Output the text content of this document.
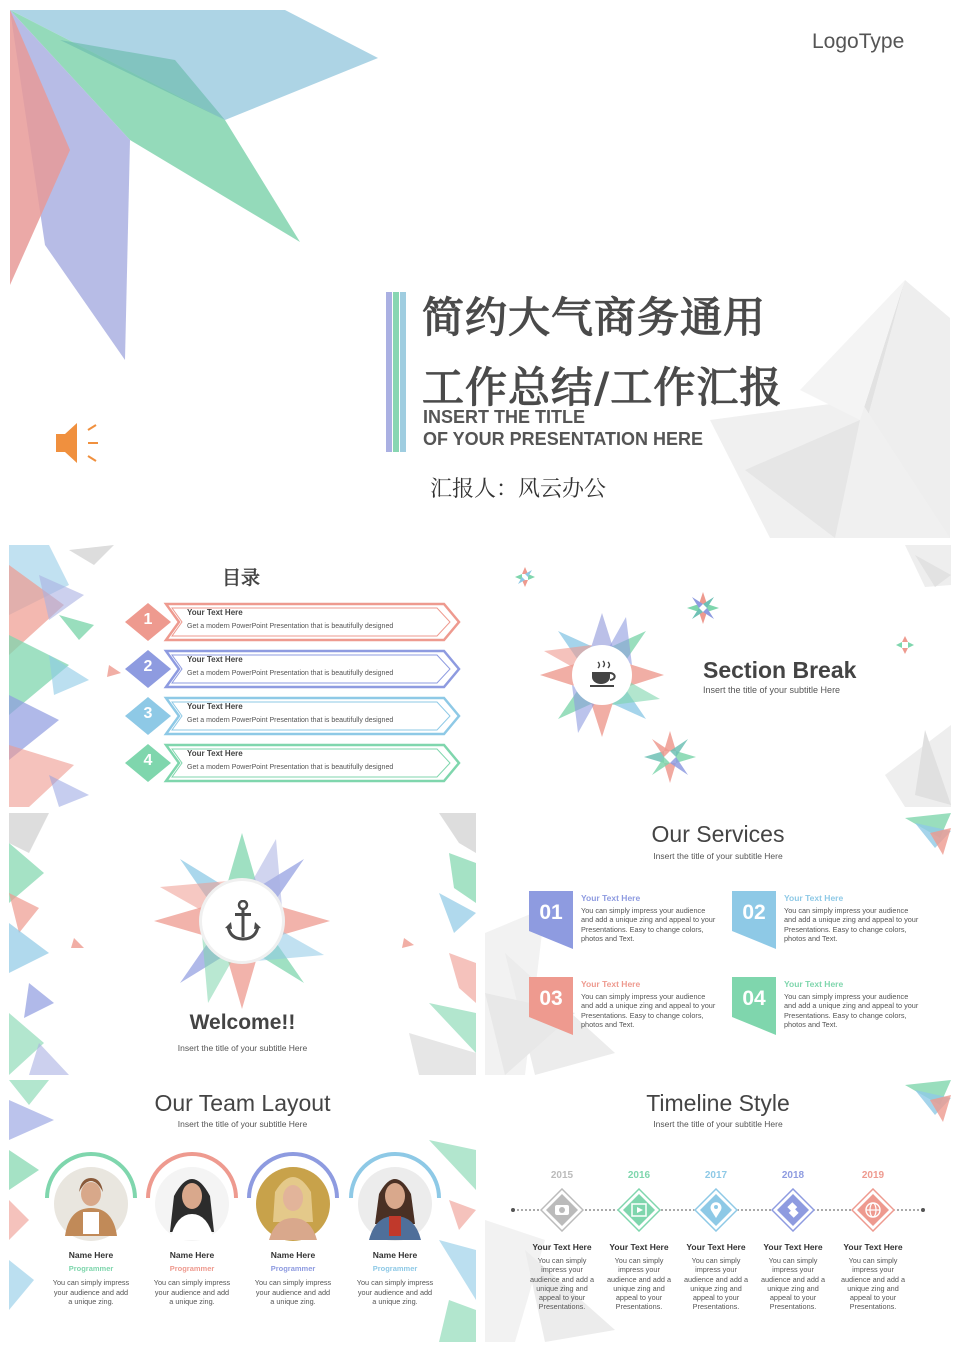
LogoType
简约大气商务通用
工作总结/工作汇报
INSERT THE TITLE
OF YOUR PRESENTATION HERE
汇报人：风云办公
目录
1	Your Text Here
Get a modern PowerPoint Presentation that is beautifully designed
2	Your Text Here
Get a modern PowerPoint Presentation that is beautifully designed
3	Your Text Here
Get a modern PowerPoint Presentation that is beautifully designed
4	Your Text Here
Get a modern PowerPoint Presentation that is beautifully designed
Section Break
Insert the title of your subtitle Here
Welcome!!
Insert the title of your subtitle Here
Our Services
Insert the title of your subtitle Here
01
Your Text Here
You can simply impress your audience and add a unique zing and appeal to your Presentations. Easy to change colors, photos and Text.
02
Your Text Here
You can simply impress your audience and add a unique zing and appeal to your Presentations. Easy to change colors, photos and Text.
03
Your Text Here
You can simply impress your audience and add a unique zing and appeal to your Presentations. Easy to change colors, photos and Text.
04
Your Text Here
You can simply impress your audience and add a unique zing and appeal to your Presentations. Easy to change colors, photos and Text.
Our Team Layout
Insert the title of your subtitle Here
Name Here
Programmer
You can simply impress your audience and add a unique zing.
Name Here
Programmer
You can simply impress your audience and add a unique zing.
Name Here
Programmer
You can simply impress your audience and add a unique zing.
Name Here
Programmer
You can simply impress your audience and add a unique zing.
Timeline Style
Insert the title of your subtitle Here
2015
Your Text Here
You can simply impress your audience and add a unique zing and appeal to your Presentations.
2016
Your Text Here
You can simply impress your audience and add a unique zing and appeal to your Presentations.
2017
Your Text Here
You can simply impress your audience and add a unique zing and appeal to your Presentations.
2018
Your Text Here
You can simply impress your audience and add a unique zing and appeal to your Presentations.
2019
Your Text Here
You can simply impress your audience and add a unique zing and appeal to your Presentations.
